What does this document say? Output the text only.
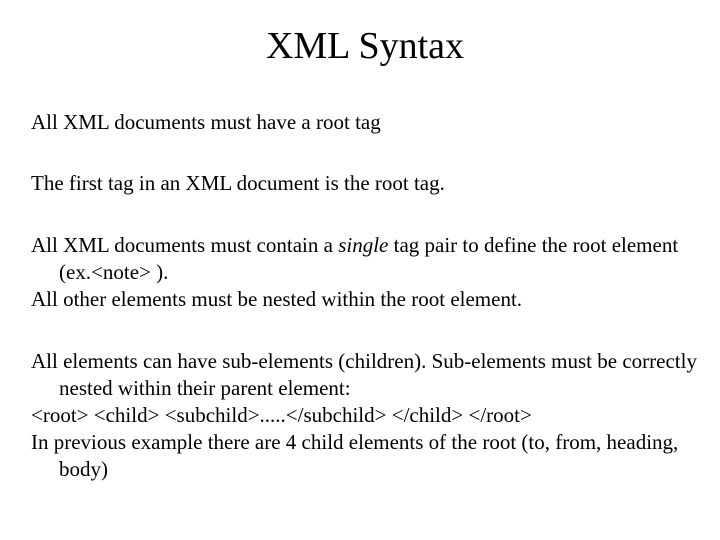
XML Syntax

All XML documents must have a root tag

The first tag in an XML document is the root tag.

All XML documents must contain a single tag pair to define the root element (ex.<note> ).

All other elements must be nested within the root element.

All elements can have sub-elements (children). Sub-elements must be correctly nested within their parent element:

<root> <child> <subchild>.....</subchild> </child> </root>

In previous example there are 4 child elements of the root (to, from, heading, body)
